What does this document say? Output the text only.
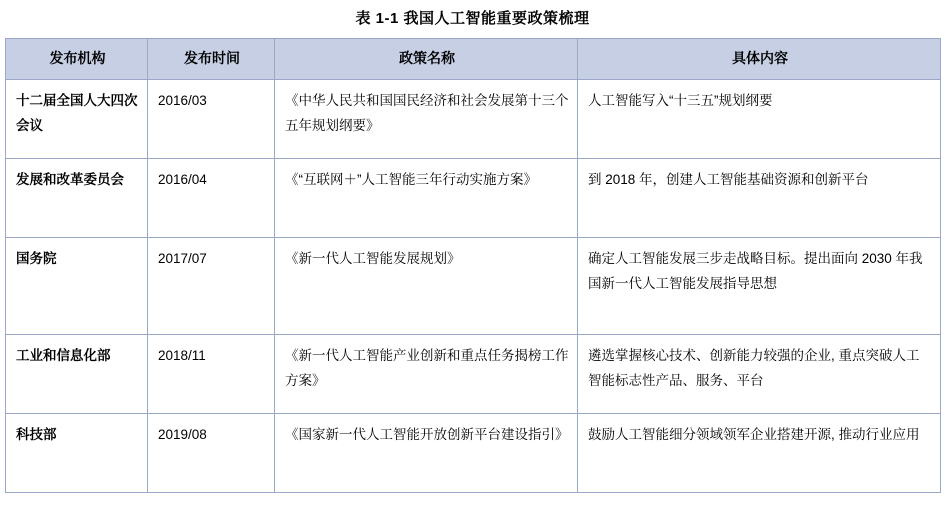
表 1-1 我国人工智能重要政策梳理
发布机构	发布时间	政策名称	具体内容
十二届全国人大四次会议	2016/03	《中华人民共和国国民经济和社会发展第十三个五年规划纲要》	人工智能写入“十三五”规划纲要
发展和改革委员会	2016/04	《“互联网＋”人工智能三年行动实施方案》	到 2018 年，创建人工智能基础资源和创新平台
国务院	2017/07	《新一代人工智能发展规划》	确定人工智能发展三步走战略目标。提出面向 2030 年我国新一代人工智能发展指导思想
工业和信息化部	2018/11	《新一代人工智能产业创新和重点任务揭榜工作方案》	遴选掌握核心技术、创新能力较强的企业, 重点突破人工智能标志性产品、服务、平台
科技部	2019/08	《国家新一代人工智能开放创新平台建设指引》	鼓励人工智能细分领域领军企业搭建开源, 推动行业应用
